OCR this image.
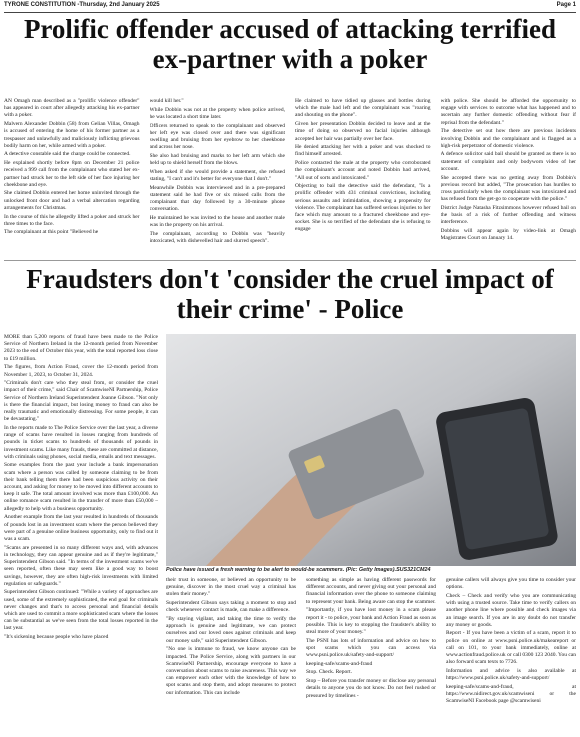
TYRONE CONSTITUTION -Thursday, 2nd January 2025	Page 1
Prolific offender accused of attacking terrified ex-partner with a poker

AN Omagh man described as a "prolific violence offender" has appeared in court after allegedly attacking his ex-partner with a poker.

Malvern Alexander Dobbin (58) from Gelian Villas, Omagh is accused of entering the home of his former partner as a trespasser and unlawfully and maliciously inflicting grievous bodily harm on her, while armed with a poker.

A detective constable said the charge could be connected.

He explained shortly before 8pm on December 21 police received a 999 call from the complainant who stated her ex-partner had struck her to the left side of her face injuring her cheekbone and eye.

She claimed Dobbin entered her home uninvited through the unlocked front door and had a verbal altercation regarding arrangements for Christmas.

In the course of this he allegedly lifted a poker and struck her three times to the face.

The complainant at this point "Believed he

would kill her."

While Dobbin was not at the property when police arrived, he was located a short time later.

Officers returned to speak to the complainant and observed her left eye was closed over and there was significant swelling and bruising from her eyebrow to her cheekbone and across her nose.

She also had bruising and marks to her left arm which she held up to shield herself from the blows.

When asked if she would provide a statement, she refused stating, "I can't and it's better for everyone that I don't."

Meanwhile Dobbin was interviewed and in a pre-prepared statement said he had five or six missed calls from the complainant that day followed by a 30-minute phone conversation.

He maintained he was invited to the house and another male was in the property on his arrival.

The complainant, according to Dobbin was "heavily intoxicated, with dishevelled hair and slurred speech".

He claimed to have tidied up glasses and bottles during which the male had left and the complainant was "roaring and shouting on the phone".

Given her presentation Dobbin decided to leave and at the time of doing so observed no facial injuries although accepted her hair was partially over her face.

He denied attacking her with a poker and was shocked to find himself arrested.

Police contacted the male at the property who corroborated the complainant's account and noted Dobbin had arrived, "All out of sorts and intoxicated."

Objecting to bail the detective said the defendant, "Is a prolific offender with 431 criminal convictions, including serious assaults and intimidation, showing a propensity for violence. The complainant has suffered serious injuries to her face which may amount to a fractured cheekbone and eye-socket. She is so terrified of the defendant she is refusing to engage

with police. She should be afforded the opportunity to engage with services to outcome what has happened and to ascertain any further domestic offending without fear if reprisal from the defendant."

The detective set out how there are previous incidents involving Dobbin and the complainant and is flagged as a high-risk perpetrator of domestic violence.

A defence solicitor said bail should be granted as there is no statement of complaint and only bodyworn video of her account.

She accepted there was no getting away from Dobbin's previous record but added, "The prosecution has hurdles to cross particularly when the complainant was intoxicated and has refused from the get-go to cooperate with the police."

District Judge Natasha Fitzsimmons however refused bail on the basis of a risk of further offending and witness interference.

Dobbins will appear again by video-link at Omagh Magistrates Court on January 14.

Fraudsters don't 'consider the cruel impact of their crime' - Police

MORE than 5,200 reports of fraud have been made to the Police Service of Northern Ireland in the 12-month period from November 2023 to the end of October this year, with the total reported loss close to £19 million.

The figures, from Action Fraud, cover the 12-month period from November 1, 2023, to October 31, 2024.

"Criminals don't care who they steal from, or consider the cruel impact of their crime," said Chair of ScamwiseNI Partnership, Police Service of Northern Ireland Superintendent Joanne Gibson. "Not only is there the financial impact, but losing money to fraud can also be really traumatic and emotionally distressing. For some people, it can be devastating."

In the reports made to The Police Service over the last year, a diverse range of scams have resulted in losses ranging from hundreds of pounds in ticket scams to hundreds of thousands of pounds in investment scams. Like many frauds, these are committed at distance, with criminals using phones, social media, emails and text messages.

Some examples from the past year include a bank impersonation scam where a person was called by someone claiming to be from their bank telling them there had been suspicious activity on their account, and asking for money to be moved into different accounts to keep it safe. The total amount involved was more than £100,000. An online romance scam resulted in the transfer of more than £50,000 – allegedly to help with a business opportunity.

Another example from the last year resulted in hundreds of thousands of pounds lost in an investment scam where the person believed they were part of a genuine online business opportunity, only to find out it was a scam.

"Scams are presented in so many different ways and, with advances in technology, they can appear genuine and as if they're legitimate," Superintendent Gibson said. "In terms of the investment scams we've seen reported, often these may seem like a good way to boost savings, however, they are often high-risk investments with limited regulation or safeguards."

Superintendent Gibson continued: "While a variety of approaches are used, some of the extremely sophisticated, the end goal for criminals never changes and that's to access personal and financial details which are used to commit a more sophisticated scam where the losses can be substantial as we've seen from the total losses reported in the last year.

"It's sickening because people who have placed

Police have issued a fresh warning to be alert to would-be scammers. (Pic: Getty Images).SUS321CM24

their trust in someone, or believed an opportunity to be genuine, discover in the most cruel way a criminal has stolen their money."

Superintendent Gibson says taking a moment to stop and check whenever contact is made, can make a difference.

"By staying vigilant, and taking the time to verify the approach is genuine and legitimate, we can protect ourselves and our loved ones against criminals and keep our money safe," said Superintendent Gibson.

"No one is immune to fraud, we know anyone can be impacted. The Police Service, along with partners in our ScamwiseNI Partnership, encourage everyone to have a conversation about scams to raise awareness. This way we can empower each other with the knowledge of how to spot scams and stop them, and adopt measures to protect our information. This can include

something as simple as having different passwords for different accounts, and never giving out your personal and financial information over the phone to someone claiming to represent your bank. Being aware can stop the scammer.

"Importantly, if you have lost money in a scam please report it - to police, your bank and Action Fraud as soon as possible. This is key to stopping the fraudster's ability to steal more of your money."

The PSNI has lots of information and advice on how to spot scams which you can access via www.psni.police.uk/safety-and-support/

keeping-safe/scams-and-fraud

Stop. Check. Report.

Stop – Before you transfer money or disclose any personal details to anyone you do not know. Do not feel rushed or pressured by timelines -

genuine callers will always give you time to consider your options.

Check – Check and verify who you are communicating with using a trusted source. Take time to verify callers on another phone line where possible and check images via an image search. If you are in any doubt do not transfer any money or goods.

Report - If you have been a victim of a scam, report it to police on online at www.psni.police.uk/makeareport or call on 101, to your bank immediately, online at www.actionfraud.police.uk or call 0300 123 2040. You can also forward scam texts to 7726.

Information and advice is also available at https://www.psni.police.uk/safety-and-support/

keeping-safe/scams-and-fraud, at https://www.nidirect.gov.uk/scamwiseni or the ScamwiseNI Facebook page @scamwiseni
